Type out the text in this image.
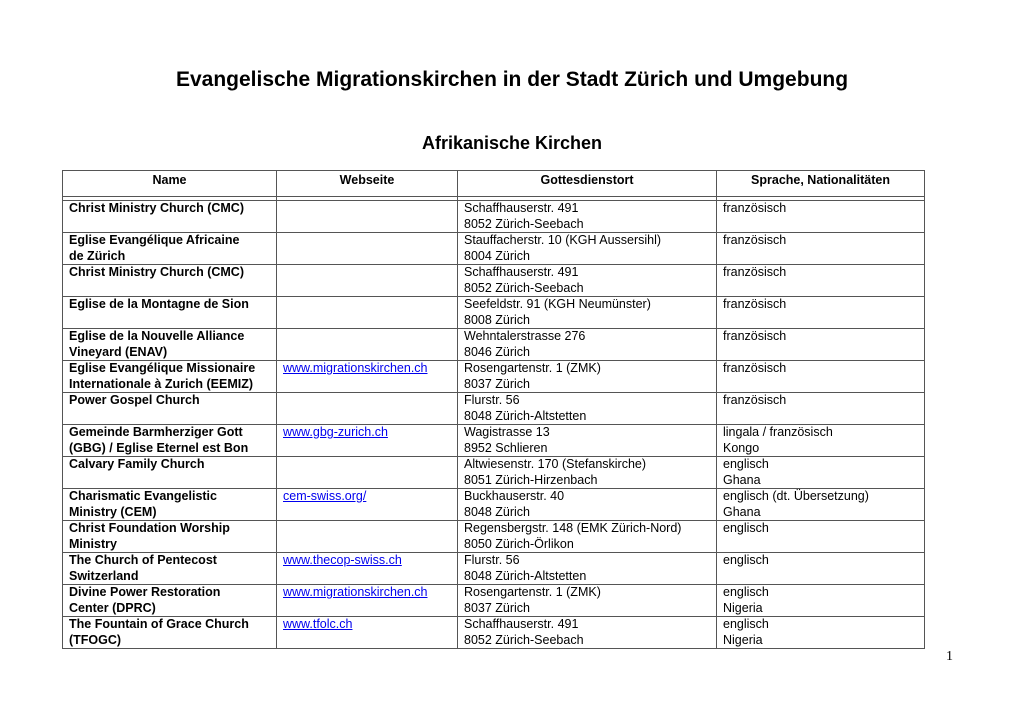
Evangelische Migrationskirchen in der Stadt Zürich und Umgebung
Afrikanische Kirchen
Name	Webseite	Gottesdienstort	Sprache, Nationalitäten

Christ Ministry Church (CMC)		Schaffhauserstr. 491
8052 Zürich-Seebach	französisch

Eglise Evangélique Africaine
de Zürich		Stauffacherstr. 10 (KGH Aussersihl)
8004 Zürich	französisch

Christ Ministry Church (CMC)		Schaffhauserstr. 491
8052 Zürich-Seebach	französisch

Eglise de la Montagne de Sion		Seefeldstr. 91 (KGH Neumünster)
8008 Zürich	französisch

Eglise de la Nouvelle Alliance
Vineyard (ENAV)		Wehntalerstrasse 276
8046 Zürich	französisch

Eglise Evangélique Missionaire
Internationale à Zurich (EEMIZ)	www.migrationskirchen.ch	Rosengartenstr. 1 (ZMK)
8037 Zürich	französisch

Power Gospel Church		Flurstr. 56
8048 Zürich-Altstetten	französisch

Gemeinde Barmherziger Gott
(GBG) / Eglise Eternel est Bon	www.gbg-zurich.ch	Wagistrasse 13
8952 Schlieren	lingala / französisch
Kongo

Calvary Family Church		Altwiesenstr. 170 (Stefanskirche)
8051 Zürich-Hirzenbach	englisch
Ghana

Charismatic Evangelistic
Ministry (CEM)	cem-swiss.org/	Buckhauserstr. 40
8048 Zürich	englisch (dt. Übersetzung)
Ghana

Christ Foundation Worship
Ministry		Regensbergstr. 148 (EMK Zürich-Nord)
8050 Zürich-Örlikon	englisch

The Church of Pentecost
Switzerland	www.thecop-swiss.ch	Flurstr. 56
8048 Zürich-Altstetten	englisch

Divine Power Restoration
Center (DPRC)	www.migrationskirchen.ch	Rosengartenstr. 1 (ZMK)
8037 Zürich	englisch
Nigeria

The Fountain of Grace Church
(TFOGC)	www.tfolc.ch	Schaffhauserstr. 491
8052 Zürich-Seebach	englisch
Nigeria
1
